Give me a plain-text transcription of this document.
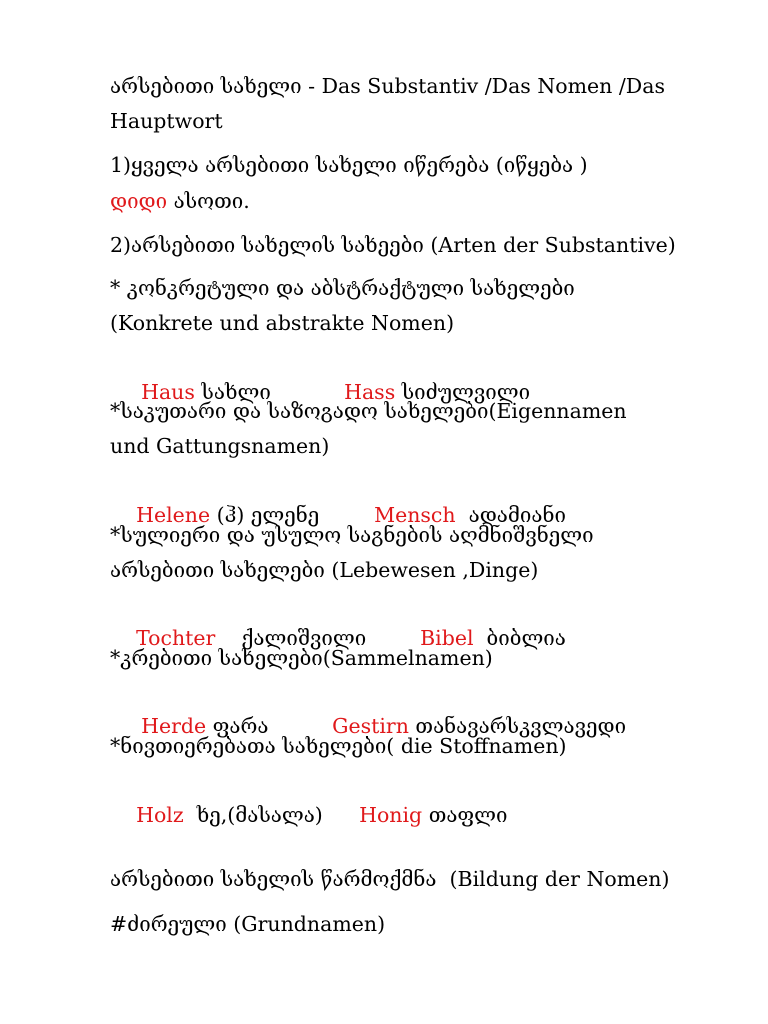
არსებითი სახელი - Das Substantiv /Das Nomen /Das
Hauptwort
1)ყველა არსებითი სახელი იწერება (იწყება )
დიდი ასოთი.
2)არსებითი სახელის სახეები (Arten der Substantive)
* კონკრეტული და აბსტრაქტული სახელები
(Konkrete und abstrakte Nomen)

Haus სახლი
	Hass სიძულვილი

*საკუთარი და საზოგადო სახელები(Eigennamen
und Gattungsnamen)

Helene (ჰ) ელენე
	Mensch  ადამიანი

*სულიერი და უსულო საგნების აღმნიშვნელი
არსებითი სახელები (Lebewesen ,Dinge)

Tochter    ქალიშვილი
	Bibel  ბიბლია

*კრებითი სახელები(Sammelnamen)

Herde ფარა
	Gestirn თანავარსკვლავედი

*ნივთიერებათა სახელები( die Stoffnamen)

Holz  ხე,(მასალა)
	Honig თაფლი

არსებითი სახელის წარმოქმნა  (Bildung der Nomen)
#ძირეული (Grundnamen)
